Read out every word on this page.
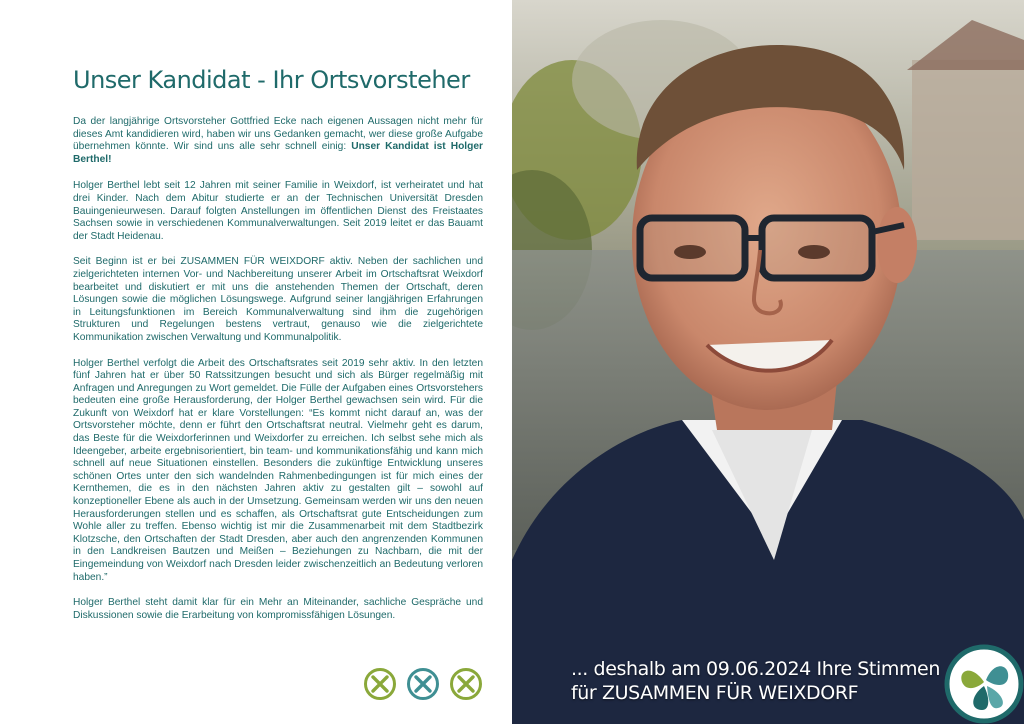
Unser Kandidat - Ihr Ortsvorsteher

Da der langjährige Ortsvorsteher Gottfried Ecke nach eigenen Aussagen nicht mehr für dieses Amt kandidieren wird, haben wir uns Gedanken gemacht, wer diese große Aufgabe übernehmen könnte. Wir sind uns alle sehr schnell einig: Unser Kandidat ist Holger Berthel!

Holger Berthel lebt seit 12 Jahren mit seiner Familie in Weixdorf, ist verheiratet und hat drei Kinder. Nach dem Abitur studierte er an der Technischen Universität Dresden Bauingenieurwesen. Darauf folgten Anstellungen im öffentlichen Dienst des Freistaates Sachsen sowie in verschiedenen Kommunalverwaltungen. Seit 2019 leitet er das Bauamt der Stadt Heidenau.

Seit Beginn ist er bei ZUSAMMEN FÜR WEIXDORF aktiv. Neben der sachlichen und zielgerichteten internen Vor- und Nachbereitung unserer Arbeit im Ortschaftsrat Weixdorf bearbeitet und diskutiert er mit uns die anstehenden Themen der Ortschaft, deren Lösungen sowie die möglichen Lösungswege. Aufgrund seiner langjährigen Erfahrungen in Leitungsfunktionen im Bereich Kommunalverwaltung sind ihm die zugehörigen Strukturen und Regelungen bestens vertraut, genauso wie die zielgerichtete Kommunikation zwischen Verwaltung und Kommunalpolitik.

Holger Berthel verfolgt die Arbeit des Ortschaftsrates seit 2019 sehr aktiv. In den letzten fünf Jahren hat er über 50 Ratssitzungen besucht und sich als Bürger regelmäßig mit Anfragen und Anregungen zu Wort gemeldet. Die Fülle der Aufgaben eines Ortsvorstehers bedeuten eine große Herausforderung, der Holger Berthel gewachsen sein wird. Für die Zukunft von Weixdorf hat er klare Vorstellungen: “Es kommt nicht darauf an, was der Ortsvorsteher möchte, denn er führt den Ortschaftsrat neutral. Vielmehr geht es darum, das Beste für die Weixdorferinnen und Weixdorfer zu erreichen. Ich selbst sehe mich als Ideengeber, arbeite ergebnisorientiert, bin team- und kommunikationsfähig und kann mich schnell auf neue Situationen einstellen. Besonders die zukünftige Entwicklung unseres schönen Ortes unter den sich wandelnden Rahmenbedingungen ist für mich eines der Kernthemen, die es in den nächsten Jahren aktiv zu gestalten gilt – sowohl auf konzeptioneller Ebene als auch in der Umsetzung. Gemeinsam werden wir uns den neuen Herausforderungen stellen und es schaffen, als Ortschaftsrat gute Entscheidungen zum Wohle aller zu treffen. Ebenso wichtig ist mir die Zusammenarbeit mit dem Stadtbezirk Klotzsche, den Ortschaften der Stadt Dresden, aber auch den angrenzenden Kommunen in den Landkreisen Bautzen und Meißen – Beziehungen zu Nachbarn, die mit der Eingemeindung von Weixdorf nach Dresden leider zwischenzeitlich an Bedeutung verloren haben.”

Holger Berthel steht damit klar für ein Mehr an Miteinander, sachliche Gespräche und Diskussionen sowie die Erarbeitung von kompromissfähigen Lösungen.

... deshalb am 09.06.2024 Ihre Stimmen
für ZUSAMMEN FÜR WEIXDORF
